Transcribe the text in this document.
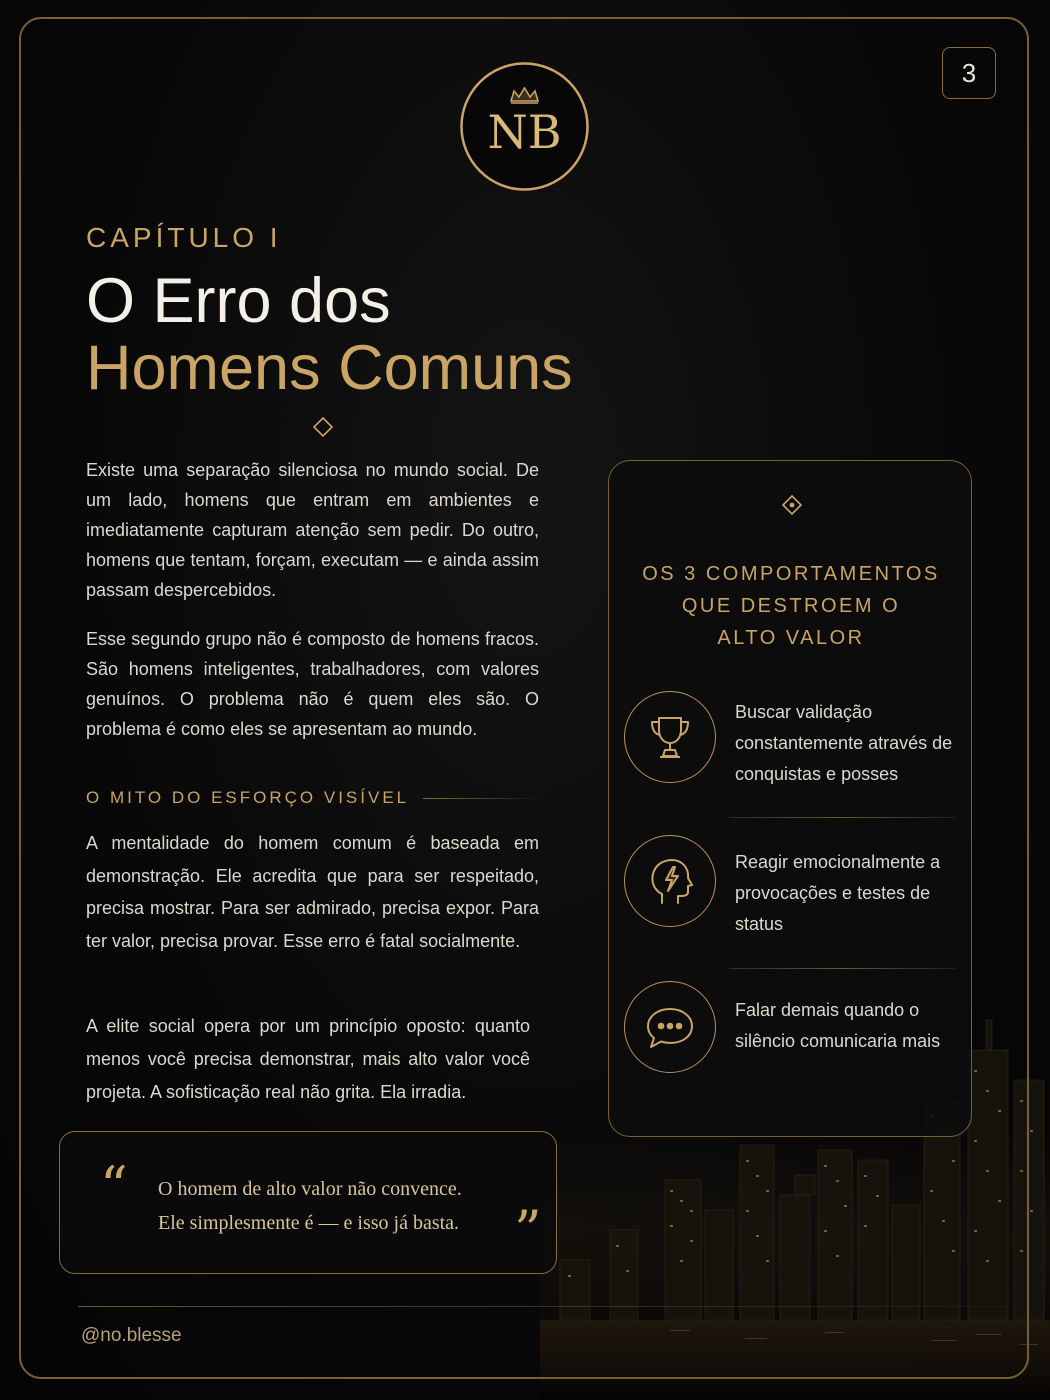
3
NB
CAPÍTULO I
O Erro dos
Homens Comuns

Existe uma separação silenciosa no mundo social. De um lado, homens que entram em ambientes e imediatamente capturam atenção sem pedir. Do outro, homens que tentam, forçam, executam — e ainda assim passam despercebidos.

Esse segundo grupo não é composto de homens fracos. São homens inteligentes, trabalhadores, com valores genuínos. O problema não é quem eles são. O problema é como eles se apresentam ao mundo.

O MITO DO ESFORÇO VISÍVEL

A mentalidade do homem comum é baseada em demonstração. Ele acredita que para ser respeitado, precisa mostrar. Para ser admirado, precisa expor. Para ter valor, precisa provar. Esse erro é fatal socialmente.

A elite social opera por um princípio oposto: quanto menos você precisa demonstrar, mais alto valor você projeta. A sofisticação real não grita. Ela irradia.

“ O homem de alto valor não convence.
Ele simplesmente é — e isso já basta.	”
OS 3 COMPORTAMENTOS
QUE DESTROEM O
ALTO VALOR
Buscar validação constantemente através de conquistas e posses
Reagir emocionalmente a provocações e testes de status
Falar demais quando o silêncio comunicaria mais
@no.blesse
